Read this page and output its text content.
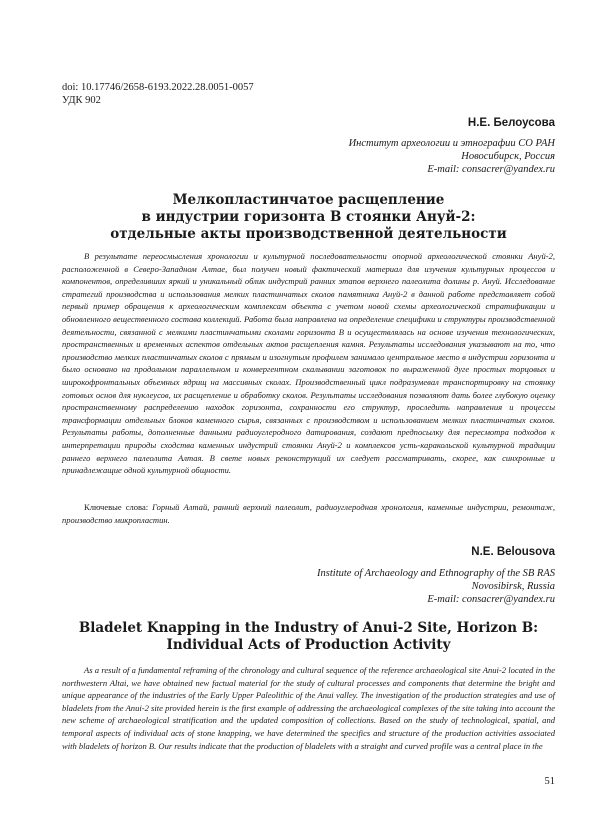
doi: 10.17746/2658-6193.2022.28.0051-0057
УДК 902
Н.Е. Белоусова
Институт археологии и этнографии СО РАН
Новосибирск, Россия
E-mail: consacrer@yandex.ru
Мелкопластинчатое расщепление
в индустрии горизонта В стоянки Ануй-2:
отдельные акты производственной деятельности

В результате переосмысления хронологии и культурной последовательности опорной археологической стоянки Ануй-2, расположенной в Северо-Западном Алтае, был получен новый фактический материал для изучения культурных процессов и компонентов, определивших яркий и уникальный облик индустрий ранних этапов верхнего палеолита долины р. Ануй. Исследование стратегий производства и использования мелких пластинчатых сколов памятника Ануй-2 в данной работе представляет собой первый пример обращения к археологическим комплексам объекта с учетом новой схемы археологической стратификации и обновленного вещественного состава коллекций. Работа была направлена на определение специфики и структуры производственной деятельности, связанной с мелкими пластинчатыми сколами горизонта В и осуществлялась на основе изучения технологических, пространственных и временных аспектов отдельных актов расщепления камня. Результаты исследования указывают на то, что производство мелких пластинчатых сколов с прямым и изогнутым профилем занимало центральное место в индустрии горизонта и было основано на продольном параллельном и конвергентном скалывании заготовок по выраженной дуге простых торцовых и широкофронтальных объемных ядрищ на массивных сколах. Производственный цикл подразумевал транспортировку на стоянку готовых основ для нуклеусов, их расщепление и обработку сколов. Результаты исследования позволяют дать более глубокую оценку пространственному распределению находок горизонта, сохранности его структур, проследить направления и процессы трансформации отдельных блоков каменного сырья, связанных с производством и использованием мелких пластинчатых сколов. Результаты работы, дополненные данными радиоуглеродного датирования, создают предпосылку для пересмотра подходов к интерпретации природы сходства каменных индустрий стоянки Ануй-2 и комплексов усть-каракольской культурной традиции раннего верхнего палеолита Алтая. В свете новых реконструкций их следует рассматривать, скорее, как синхронные и принадлежащие одной культурной общности.

Ключевые слова: Горный Алтай, ранний верхний палеолит, радиоуглеродная хронология, каменные индустрии, ремонтаж, производство микропластин.

N.E. Belousova
Institute of Archaeology and Ethnography of the SB RAS
Novosibirsk, Russia
E-mail: consacrer@yandex.ru
Bladelet Knapping in the Industry of Anui-2 Site, Horizon B:
Individual Acts of Production Activity

As a result of a fundamental reframing of the chronology and cultural sequence of the reference archaeological site Anui-2 located in the northwestern Altai, we have obtained new factual material for the study of cultural processes and components that determine the bright and unique appearance of the industries of the Early Upper Paleolithic of the Anui valley. The investigation of the production strategies and use of bladelets from the Anui-2 site provided herein is the first example of addressing the archaeological complexes of the site taking into account the new scheme of archaeological stratification and the updated composition of collections. Based on the study of technological, spatial, and temporal aspects of individual acts of stone knapping, we have determined the specifics and structure of the production activities associated with bladelets of horizon B. Our results indicate that the production of bladelets with a straight and curved profile was a central place in the

51
